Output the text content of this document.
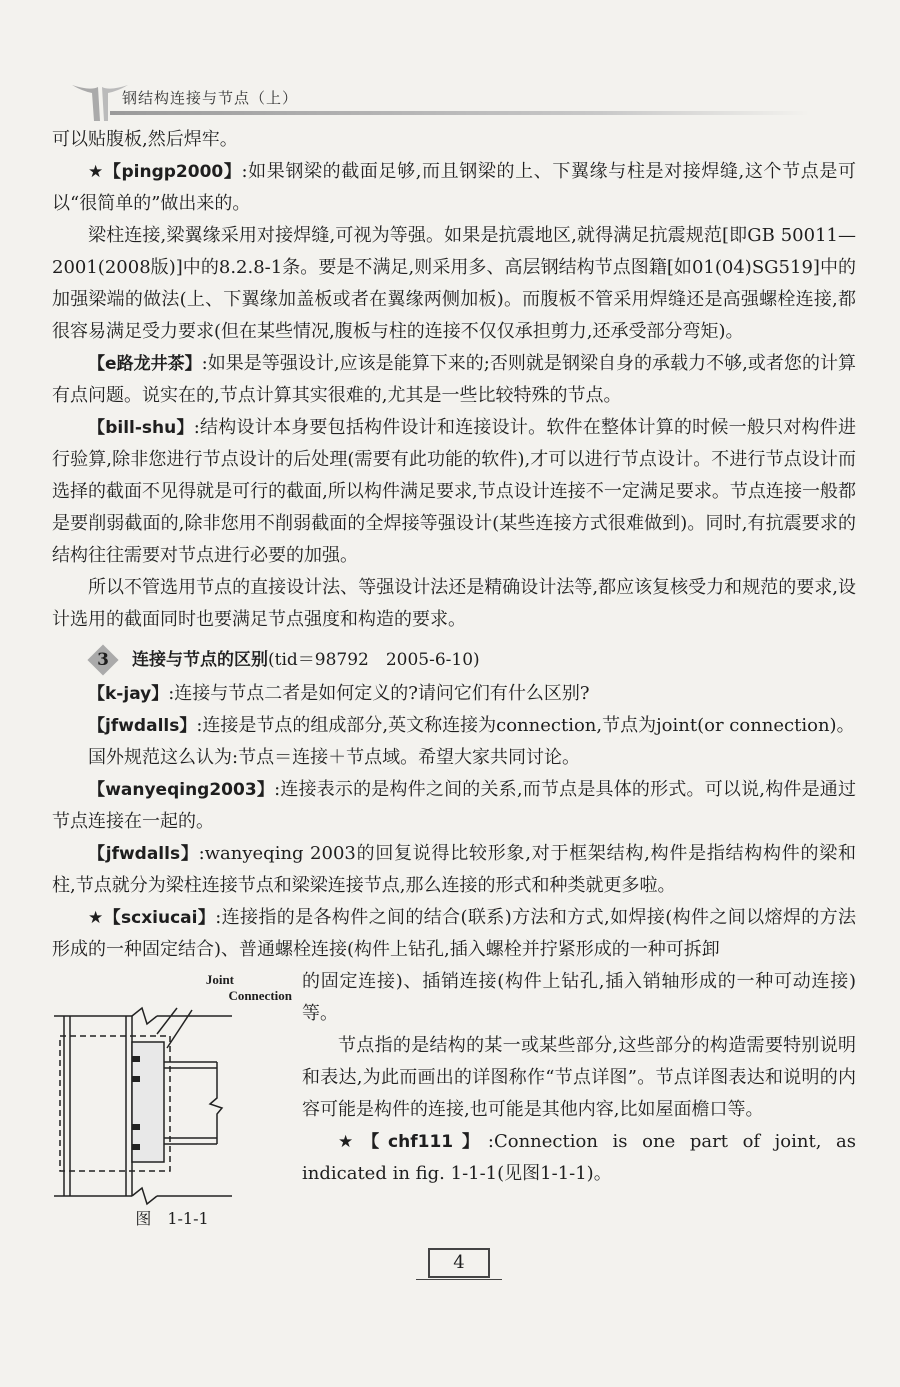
钢结构连接与节点（上）

可以贴腹板,然后焊牢。

★【pingp2000】:如果钢梁的截面足够,而且钢梁的上、下翼缘与柱是对接焊缝,这个节点是可以“很简单的”做出来的。

梁柱连接,梁翼缘采用对接焊缝,可视为等强。如果是抗震地区,就得满足抗震规范[即GB 50011—2001(2008版)]中的8.2.8-1条。要是不满足,则采用多、高层钢结构节点图籍[如01(04)SG519]中的加强梁端的做法(上、下翼缘加盖板或者在翼缘两侧加板)。而腹板不管采用焊缝还是高强螺栓连接,都很容易满足受力要求(但在某些情况,腹板与柱的连接不仅仅承担剪力,还承受部分弯矩)。

【e路龙井茶】:如果是等强设计,应该是能算下来的;否则就是钢梁自身的承载力不够,或者您的计算有点问题。说实在的,节点计算其实很难的,尤其是一些比较特殊的节点。

【bill-shu】:结构设计本身要包括构件设计和连接设计。软件在整体计算的时候一般只对构件进行验算,除非您进行节点设计的后处理(需要有此功能的软件),才可以进行节点设计。不进行节点设计而选择的截面不见得就是可行的截面,所以构件满足要求,节点设计连接不一定满足要求。节点连接一般都是要削弱截面的,除非您用不削弱截面的全焊接等强设计(某些连接方式很难做到)。同时,有抗震要求的结构往往需要对节点进行必要的加强。

所以不管选用节点的直接设计法、等强设计法还是精确设计法等,都应该复核受力和规范的要求,设计选用的截面同时也要满足节点强度和构造的要求。

3	连接与节点的区别(tid＝98792　2005-6-10)

【k-jay】:连接与节点二者是如何定义的?请问它们有什么区别?

【jfwdalls】:连接是节点的组成部分,英文称连接为connection,节点为joint(or connection)。

国外规范这么认为:节点＝连接＋节点域。希望大家共同讨论。

【wanyeqing2003】:连接表示的是构件之间的关系,而节点是具体的形式。可以说,构件是通过节点连接在一起的。

【jfwdalls】:wanyeqing 2003的回复说得比较形象,对于框架结构,构件是指结构构件的梁和柱,节点就分为梁柱连接节点和梁梁连接节点,那么连接的形式和种类就更多啦。

★【scxiucai】:连接指的是各构件之间的结合(联系)方法和方式,如焊接(构件之间以熔焊的方法形成的一种固定结合)、普通螺栓连接(构件上钻孔,插入螺栓并拧紧形成的一种可拆卸

Joint
Connection
图　1-1-1

的固定连接)、插销连接(构件上钻孔,插入销轴形成的一种可动连接)等。

节点指的是结构的某一或某些部分,这些部分的构造需要特别说明和表达,为此而画出的详图称作“节点详图”。节点详图表达和说明的内容可能是构件的连接,也可能是其他内容,比如屋面檐口等。

★【chf111】:Connection is one part of joint, as indicated in fig. 1-1-1(见图1-1-1)。

4
